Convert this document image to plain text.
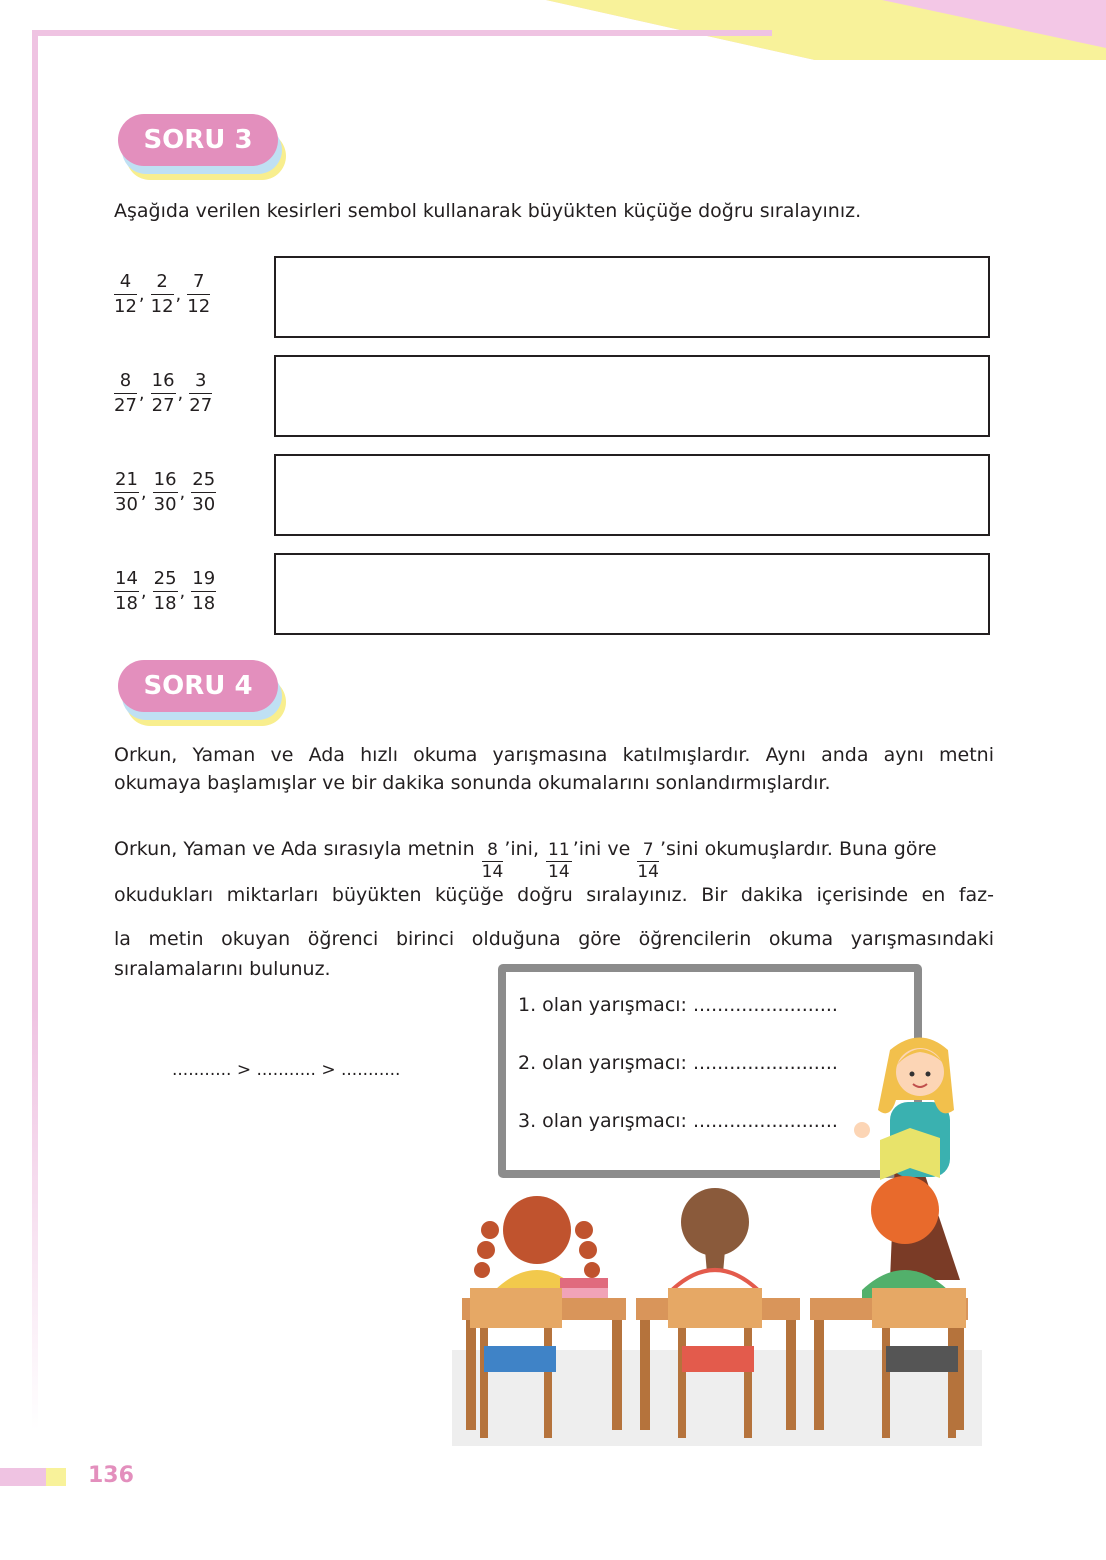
SORU 3
Aşağıda verilen kesirleri sembol kullanarak büyükten küçüğe doğru sıralayınız.
$\frac{4}{12}$ , $\frac{2}{12}$ , $\frac{7}{12}$
$\frac{8}{27}$ , $\frac{16}{27}$ , $\frac{3}{27}$
$\frac{21}{30}$ , $\frac{16}{30}$ , $\frac{25}{30}$
$\frac{14}{18}$ , $\frac{25}{18}$ , $\frac{19}{18}$
SORU 4
Orkun, Yaman ve Ada hızlı okuma yarışmasına katılmışlardır. Aynı anda aynı metni
okumaya başlamışlar ve bir dakika sonunda okumalarını sonlandırmışlardır.
Orkun, Yaman ve Ada sırasıyla metnin $\frac{8}{14}$ ’ini, $\frac{11}{14}$ ’ini ve $\frac{7}{14}$ ’sini okumuşlardır. Buna göre
okudukları miktarları büyükten küçüğe doğru sıralayınız. Bir dakika içerisinde en faz-
la metin okuyan öğrenci birinci olduğuna göre öğrencilerin okuma yarışmasındaki
sıralamalarını bulunuz.
........... > ........... > ...........
1. olan yarışmacı: ........................
2. olan yarışmacı: ........................
3. olan yarışmacı: ........................
136
